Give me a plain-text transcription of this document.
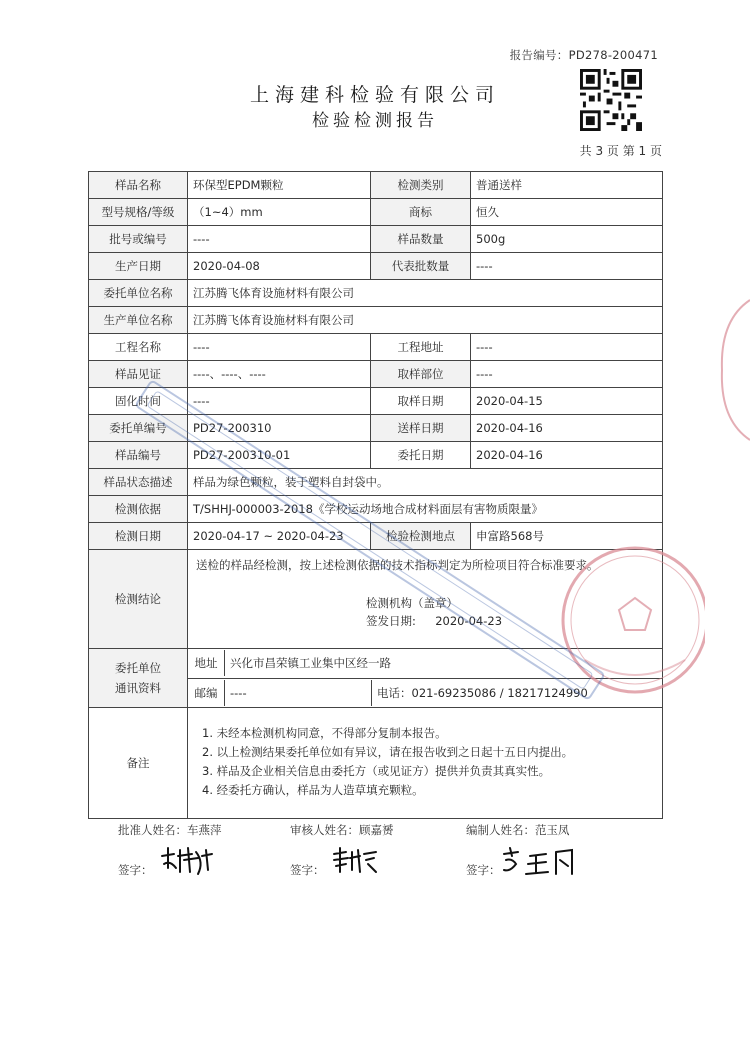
报告编号：PD278-200471
上海建科检验有限公司
检验检测报告
共 3 页 第 1 页
样品名称	环保型EPDM颗粒	检测类别	普通送样
型号规格/等级	（1~4）mm	商标	恒久
批号或编号	----	样品数量	500g
生产日期	2020-04-08	代表批数量	----
委托单位名称	江苏腾飞体育设施材料有限公司
生产单位名称	江苏腾飞体育设施材料有限公司
工程名称	----	工程地址	----
样品见证	----、----、----	取样部位	----
固化时间	----	取样日期	2020-04-15
委托单编号	PD27-200310	送样日期	2020-04-16
样品编号	PD27-200310-01	委托日期	2020-04-16
样品状态描述	样品为绿色颗粒，装于塑料自封袋中。
检测依据	T/SHHJ-000003-2018《学校运动场地合成材料面层有害物质限量》
检测日期	2020-04-17 ~ 2020-04-23	检验检测地点	申富路568号
检测结论	
送检的样品经检测，按上述检测依据的技术指标判定为所检项目符合标准要求。
检测机构（盖章）
签发日期: 2020-04-23

委托单位
通讯资料

地址	兴化市昌荣镇工业集中区经一路

邮编	----	电话：021-69235086 / 18217124990

备注	
1. 未经本检测机构同意，不得部分复制本报告。
2. 以上检测结果委托单位如有异议，请在报告收到之日起十五日内提出。
3. 样品及企业相关信息由委托方（或见证方）提供并负责其真实性。
4. 经委托方确认，样品为人造草填充颗粒。
批准人姓名：车燕萍	审核人姓名：顾嘉赟	编制人姓名：范玉凤
签字：	签字：	签字：
